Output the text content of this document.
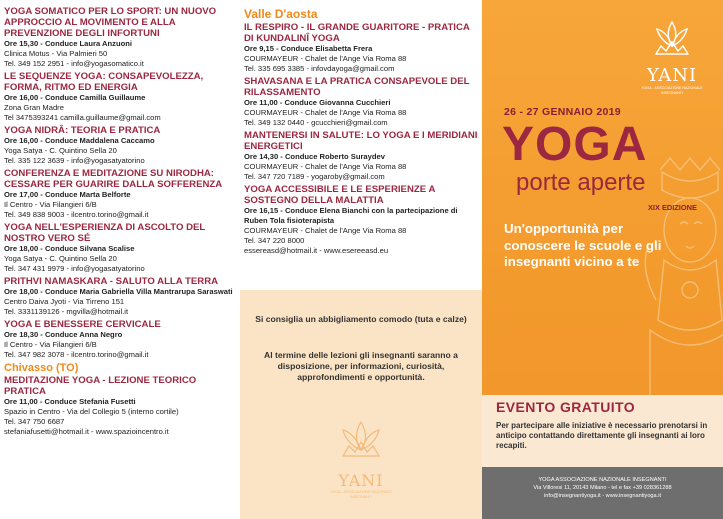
YOGA SOMATICO PER LO SPORT: UN NUOVO APPROCCIO AL MOVIMENTO E ALLA PREVENZIONE DEGLI INFORTUNI
Ore 15,30 - Conduce Laura Anzuoni
Clinica Motus - Via Palmieri 50
Tel. 349 152 2951 - info@yogasomatico.it
LE SEQUENZE YOGA: CONSAPEVOLEZZA, FORMA, RITMO ED ENERGIA
Ore 16,00 - Conduce Camilla Guillaume
Zona Gran Madre
Tel 3475393241 camilla.guillaume@gmail.com
YOGA NIDRÂ: TEORIA E PRATICA
Ore 16,00 - Conduce Maddalena Caccamo
Yoga Satya - C. Quintino Sella 20
Tel. 335 122 3639 - info@yogasatyatorino
CONFERENZA E MEDITAZIONE SU NIRODHA: CESSARE PER GUARIRE DALLA SOFFERENZA
Ore 17,00 - Conduce Marta Belforte
Il Centro - Via Filangieri 6/B
Tel. 349 838 9003 - ilcentro.torino@gmail.it
YOGA NELL'ESPERIENZA DI ASCOLTO DEL NOSTRO VERO SÉ
Ore 18,00 - Conduce Silvana Scalise
Yoga Satya - C. Quintino Sella 20
Tel. 347 431 9979 - info@yogasatyatorino
PRITHVI NAMASKARA - SALUTO ALLA TERRA
Ore 18,00 - Conduce Maria Gabriella Villa Mantrarupa Saraswati
Centro Daiva Jyoti - Via Tirreno 151
Tel. 3331139126 - mgvilla@hotmail.it
YOGA E BENESSERE CERVICALE
Ore 18,30 - Conduce Anna Negro
Il Centro - Via Filangieri 6/B
Tel. 347 982 3078 - ilcentro.torino@gmail.it
Chivasso (TO)
MEDITAZIONE YOGA - LEZIONE TEORICO PRATICA
Ore 11,00 - Conduce Stefania Fusetti
Spazio in Centro - Via del Collegio 5 (interno cortile)
Tel. 347 750 6687
stefaniafusetti@hotmail.it - www.spazioincentro.it
Valle D'aosta
IL RESPIRO - IL GRANDE GUARITORE - PRATICA DI KUNDALINÎ YOGA
Ore 9,15 - Conduce Elisabetta Frera
COURMAYEUR - Chalet de l'Ange Via Roma 88
Tel. 335 695 3385 - infovdayoga@gmail.com
SHAVASANA E LA PRATICA CONSAPEVOLE DEL RILASSAMENTO
Ore 11,00 - Conduce Giovanna Cucchieri
COURMAYEUR - Chalet de l'Ange Via Roma 88
Tel. 349 132 0440 - gcucchieri@gmail.com
MANTENERSI IN SALUTE: LO YOGA E I MERIDIANI ENERGETICI
Ore 14,30 - Conduce Roberto Suraydev
COURMAYEUR - Chalet de l'Ange Via Roma 88
Tel. 347 720 7189 - yogaroby@gmail.com
YOGA ACCESSIBILE E LE ESPERIENZE A SOSTEGNO DELLA MALATTIA
Ore 16,15 - Conduce Elena Bianchi con la partecipazione di Ruben Tola fisioterapista
COURMAYEUR - Chalet de l'Ange Via Roma 88
Tel. 347 220 8000
essereasd@hotmail.it - www.esereeasd.eu
Si consiglia un abbigliamento comodo (tuta e calze)
Al termine delle lezioni gli insegnanti saranno a disposizione, per informazioni, curiosità, approfondimenti e opportunità.
YANI
YOGA - ASSOCIAZIONE NAZIONALE INSEGNANTI
YANI
YOGA - ASSOCIAZIONE NAZIONALE INSEGNANTI
26 - 27 GENNAIO 2019
YOGA
porte aperte
XIX EDIZIONE
Un'opportunità per conoscere le scuole e gli insegnanti vicino a te
EVENTO GRATUITO
Per partecipare alle iniziative è necessario prenotarsi in anticipo contattando direttamente gli insegnanti ai loro recapiti.
YOGA ASSOCIAZIONE NAZIONALE INSEGNANTI
Via Villoresi 11, 20143 Milano - tel e fax +39 028361288
info@insegnantiyoga.it - www.insegnantiyoga.it
